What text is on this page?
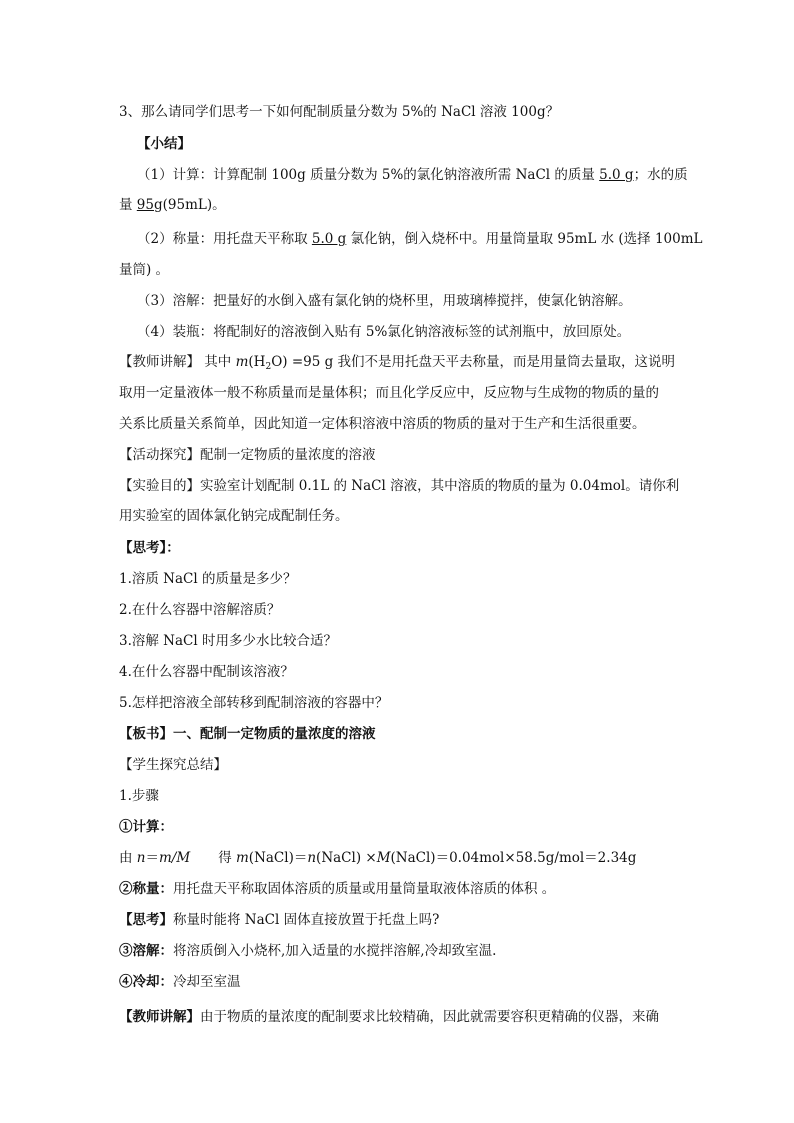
3、那么请同学们思考一下如何配制质量分数为 5%的 NaCl 溶液 100g？
【小结】
（1）计算：计算配制 100g 质量分数为 5%的氯化钠溶液所需 NaCl 的质量 5.0 g；水的质
量 95g(95mL)。
（2）称量：用托盘天平称取 5.0 g 氯化钠，倒入烧杯中。用量筒量取 95mL 水 (选择 100mL
量筒) 。
（3）溶解：把量好的水倒入盛有氯化钠的烧杯里，用玻璃棒搅拌，使氯化钠溶解。
（4）装瓶：将配制好的溶液倒入贴有 5%氯化钠溶液标签的试剂瓶中，放回原处。
【教师讲解】 其中 $m(H_2O) =95$ g 我们不是用托盘天平去称量，而是用量筒去量取，这说明
取用一定量液体一般不称质量而是量体积；而且化学反应中，反应物与生成物的物质的量的
关系比质量关系简单，因此知道一定体积溶液中溶质的物质的量对于生产和生活很重要。
【活动探究】配制一定物质的量浓度的溶液
【实验目的】实验室计划配制 0.1L 的 NaCl 溶液，其中溶质的物质的量为 0.04mol。请你利
用实验室的固体氯化钠完成配制任务。
【思考】：
1.溶质 NaCl 的质量是多少？
2.在什么容器中溶解溶质？
3.溶解 NaCl 时用多少水比较合适？
4.在什么容器中配制该溶液？
5.怎样把溶液全部转移到配制溶液的容器中？
【板书】一、配制一定物质的量浓度的溶液
【学生探究总结】
1.步骤
①计算：
由 n＝m/M 得 m(NaCl)＝n(NaCl) ×M(NaCl)＝0.04mol×58.5g/mol＝2.34g
②称量：用托盘天平称取固体溶质的质量或用量筒量取液体溶质的体积 。
【思考】称量时能将 NaCl 固体直接放置于托盘上吗?
③溶解：将溶质倒入小烧杯,加入适量的水搅拌溶解,冷却致室温.
④冷却：冷却至室温
【教师讲解】由于物质的量浓度的配制要求比较精确，因此就需要容积更精确的仪器，来确
